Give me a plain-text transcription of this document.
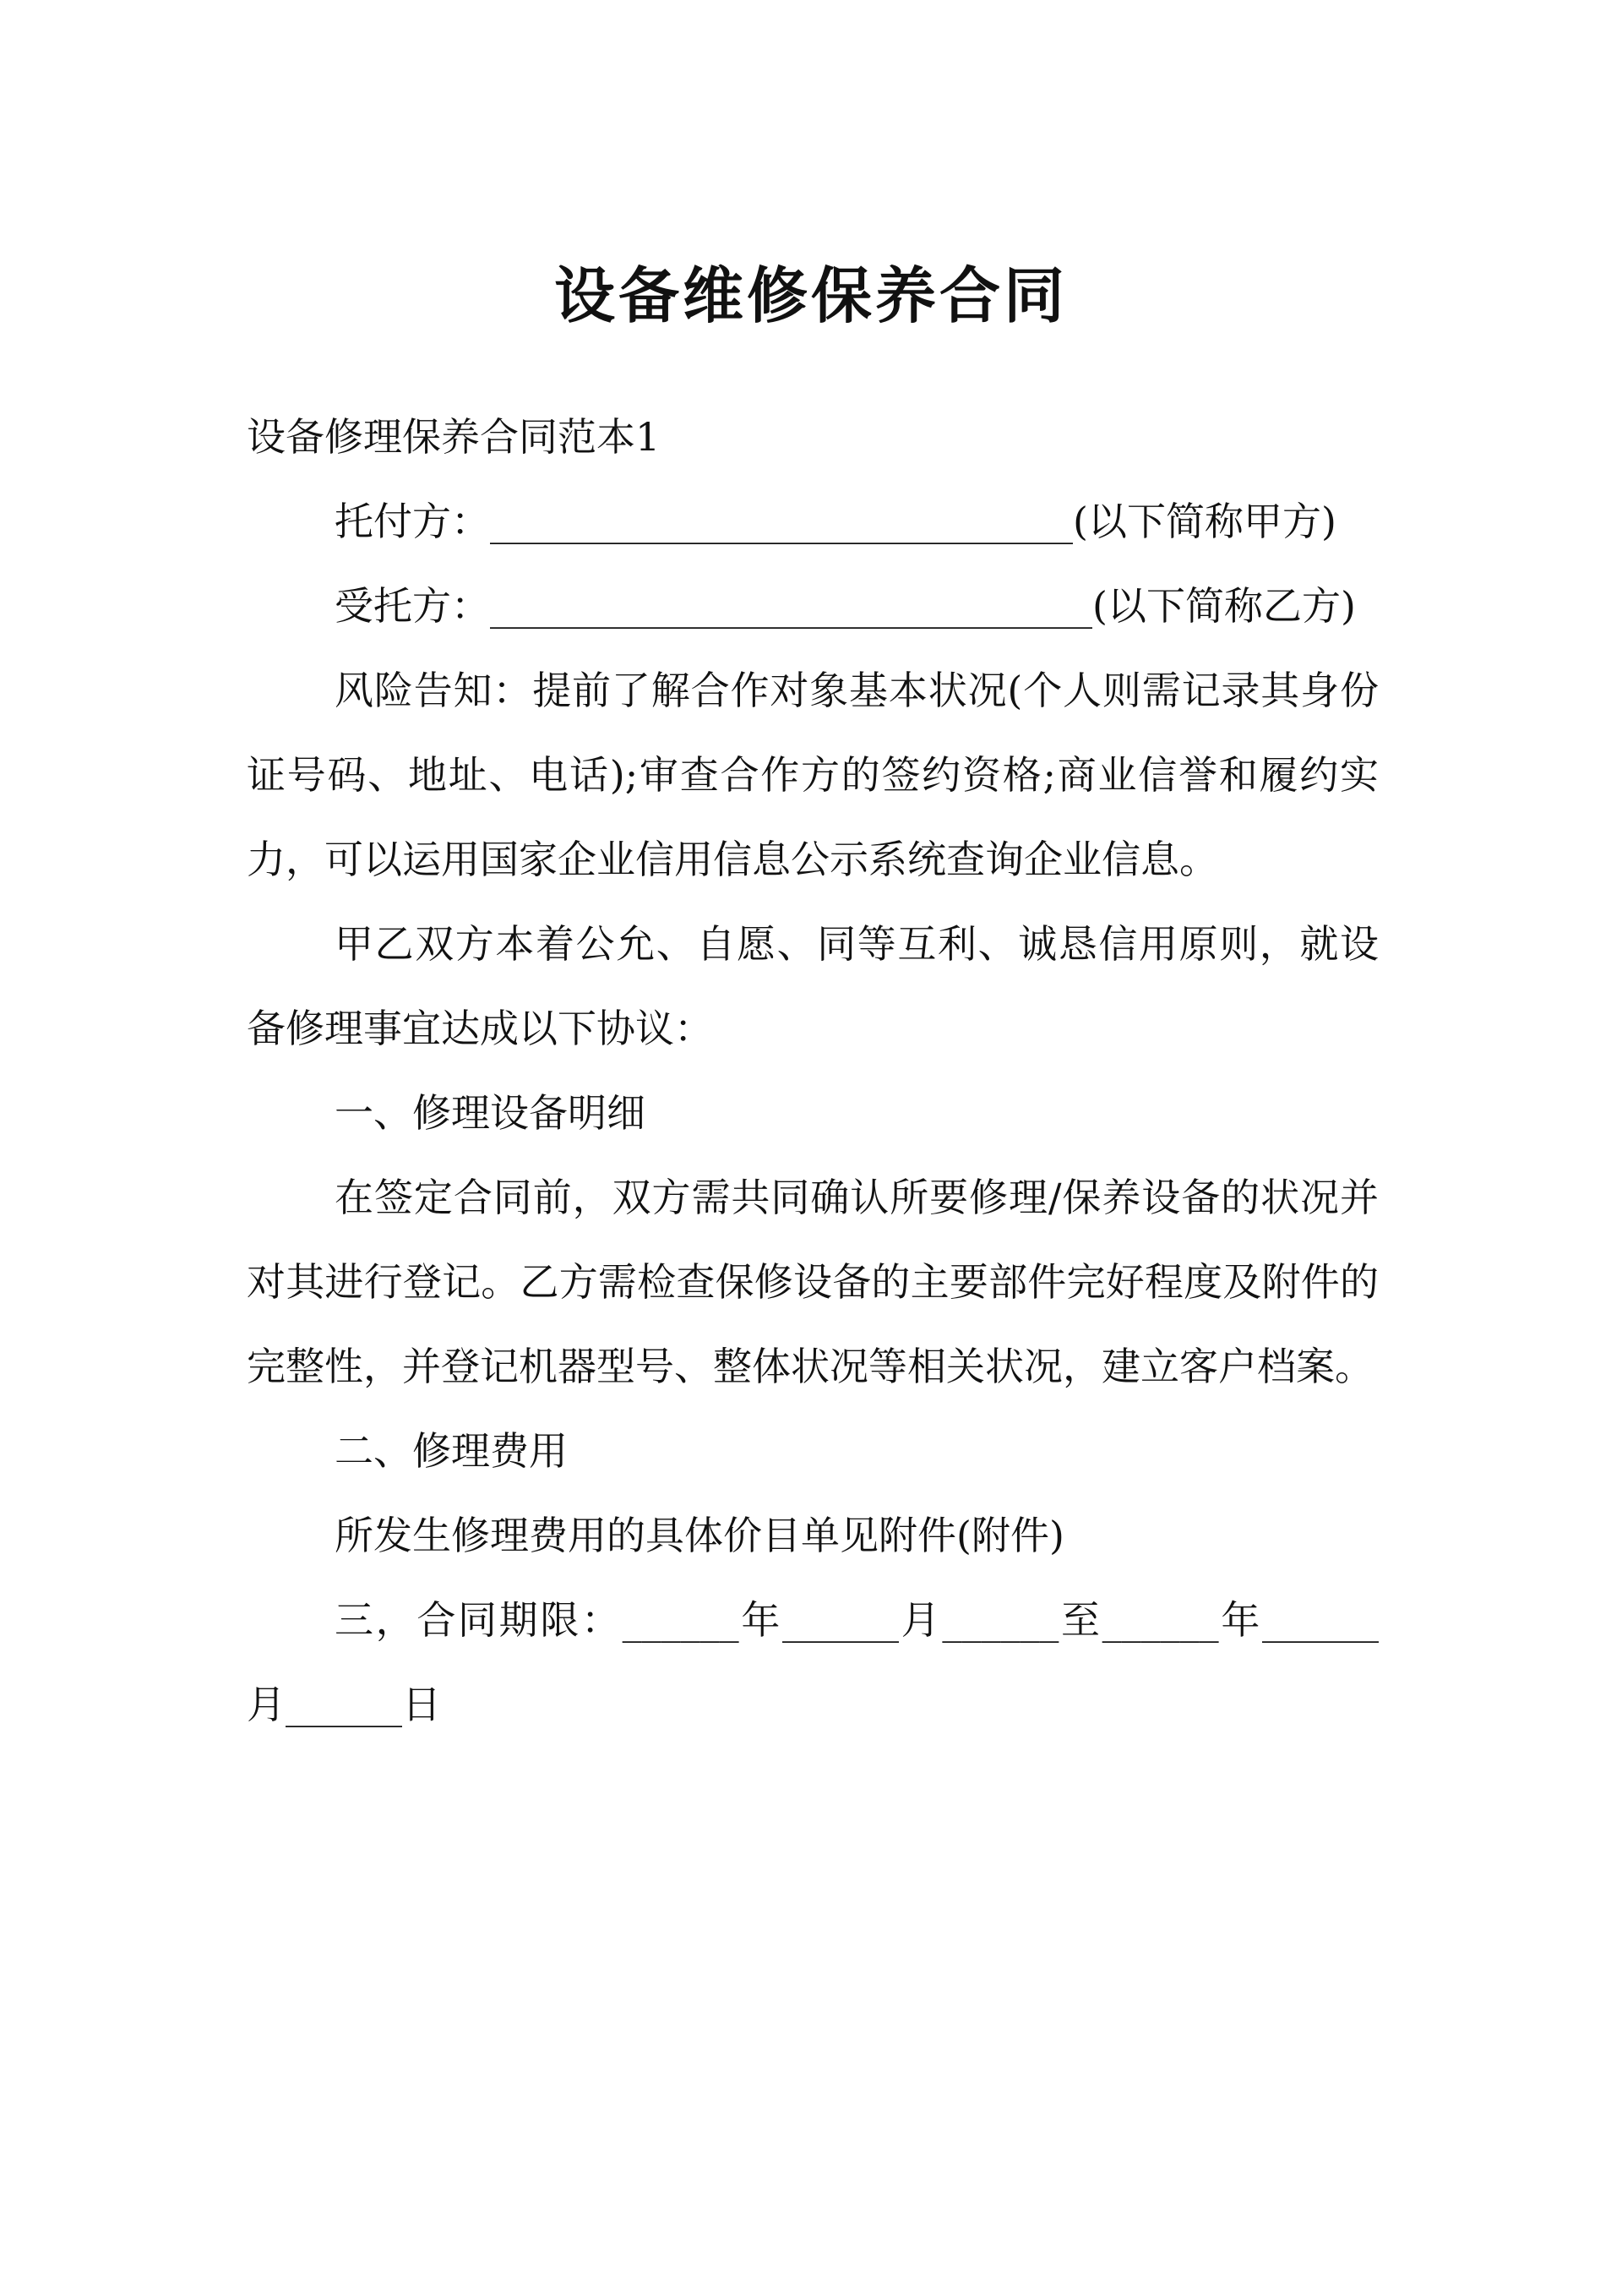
设备维修保养合同

设备修理保养合同范本1

托付方：______________________________(以下简称甲方)

受托方：_______________________________(以下简称乙方)

风险告知：提前了解合作对象基本状况(个人则需记录其身份证号码、地址、电话);审查合作方的签约资格;商业信誉和履约实力，可以运用国家企业信用信息公示系统查询企业信息。

甲乙双方本着公允、自愿、同等互利、诚恳信用原则，就设备修理事宜达成以下协议：

一、修理设备明细

在签定合同前，双方需共同确认所要修理/保养设备的状况并对其进行登记。乙方需检查保修设备的主要部件完好程度及附件的完整性，并登记机器型号、整体状况等相关状况，建立客户档案。

二、修理费用

所发生修理费用的具体价目单见附件(附件)

三，合同期限：______年______月______至______年______月______日
